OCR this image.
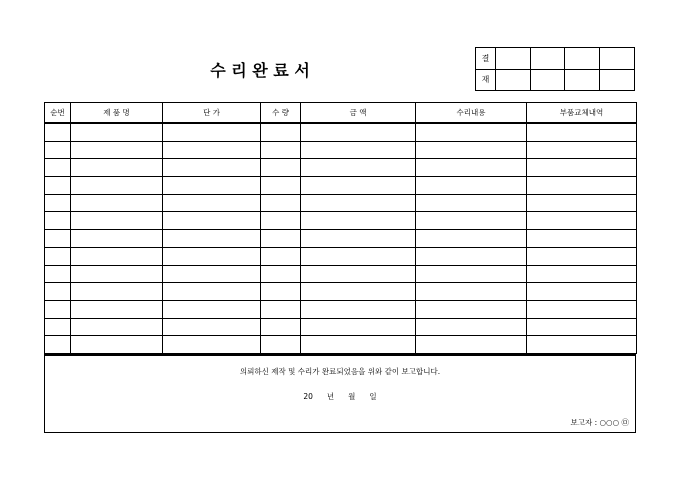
수 리 완 료 서
결				
재				
순번	제 품 명	단 가	수 량	금 액	수리내용	부품교체내역

의뢰하신 제작 및 수리가 완료되었음을 위와 같이 보고합니다.
20 년 월 일
보고자 : ○○○ ㉤
